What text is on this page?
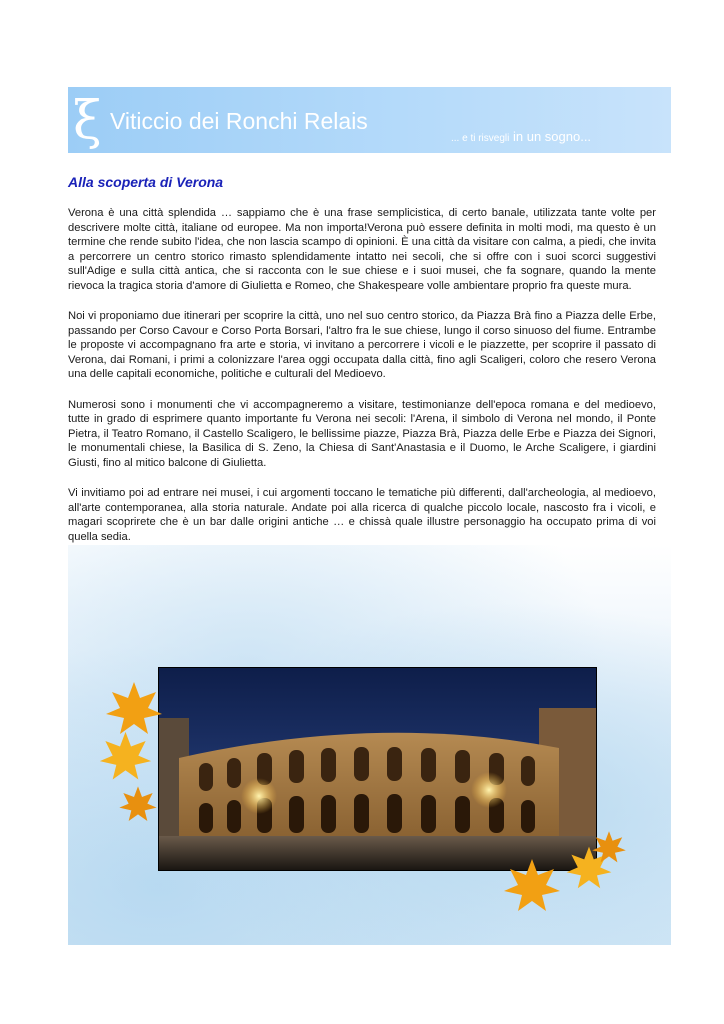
ξ Viticcio dei Ronchi Relais
... e ti risvegli in un sogno...
Alla scoperta di Verona

Verona è una città splendida … sappiamo che è una frase semplicistica, di certo banale, utilizzata tante volte per descrivere molte città, italiane od europee. Ma non importa!Verona può essere definita in molti modi, ma questo è un termine che rende subito l'idea, che non lascia scampo di opinioni. È una città da visitare con calma, a piedi, che invita a percorrere un centro storico rimasto splendidamente intatto nei secoli, che si offre con i suoi scorci suggestivi sull'Adige e sulla città antica, che si racconta con le sue chiese e i suoi musei, che fa sognare, quando la mente rievoca la tragica storia d'amore di Giulietta e Romeo, che Shakespeare volle ambientare proprio fra queste mura.

Noi vi proponiamo due itinerari per scoprire la città, uno nel suo centro storico, da Piazza Brà fino a Piazza delle Erbe, passando per Corso Cavour e Corso Porta Borsari, l'altro fra le sue chiese, lungo il corso sinuoso del fiume. Entrambe le proposte vi accompagnano fra arte e storia, vi invitano a percorrere i vicoli e le piazzette, per scoprire il passato di Verona, dai Romani, i primi a colonizzare l'area oggi occupata dalla città, fino agli Scaligeri, coloro che resero Verona una delle capitali economiche, politiche e culturali del Medioevo.

Numerosi sono i monumenti che vi accompagneremo a visitare, testimonianze dell'epoca romana e del medioevo, tutte in grado di esprimere quanto importante fu Verona nei secoli: l'Arena, il simbolo di Verona nel mondo, il Ponte Pietra, il Teatro Romano, il Castello Scaligero, le bellissime piazze, Piazza Brà, Piazza delle Erbe e Piazza dei Signori, le monumentali chiese, la Basilica di S. Zeno, la Chiesa di Sant'Anastasia e il Duomo, le Arche Scaligere, i giardini Giusti, fino al mitico balcone di Giulietta.

Vi invitiamo poi ad entrare nei musei, i cui argomenti toccano le tematiche più differenti, dall'archeologia, al medioevo, all'arte contemporanea, alla storia naturale. Andate poi alla ricerca di qualche piccolo locale, nascosto fra i vicoli, e magari scoprirete che è un bar dalle origini antiche … e chissà quale illustre personaggio ha occupato prima di voi quella sedia.
